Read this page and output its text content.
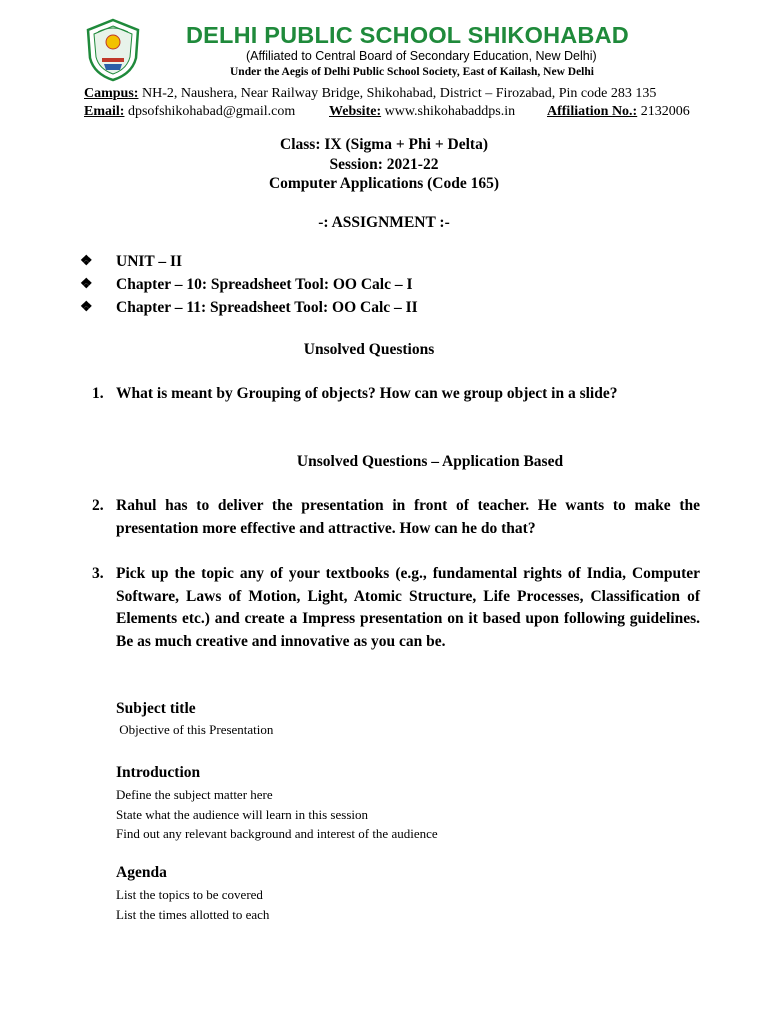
DELHI PUBLIC SCHOOL SHIKOHABAD
(Affiliated to Central Board of Secondary Education, New Delhi)
Under the Aegis of Delhi Public School Society, East of Kailash, New Delhi
Campus: NH-2, Naushera, Near Railway Bridge, Shikohabad, District – Firozabad, Pin code 283 135
Email: dpsofshikohabad@gmail.com Website: www.shikohabaddps.in Affiliation No.: 2132006
Class: IX (Sigma + Phi + Delta)
Session: 2021-22
Computer Applications (Code 165)
-: ASSIGNMENT :-
❖	UNIT – II
❖	Chapter – 10: Spreadsheet Tool: OO Calc – I
❖	Chapter – 11: Spreadsheet Tool: OO Calc – II
Unsolved Questions
1. What is meant by Grouping of objects? How can we group object in a slide?
Unsolved Questions – Application Based
2. Rahul has to deliver the presentation in front of teacher. He wants to make the presentation more effective and attractive. How can he do that?
3. Pick up the topic any of your textbooks (e.g., fundamental rights of India, Computer Software, Laws of Motion, Light, Atomic Structure, Life Processes, Classification of Elements etc.) and create a Impress presentation on it based upon following guidelines. Be as much creative and innovative as you can be.
Subject title
Objective of this Presentation
Introduction
Define the subject matter here
State what the audience will learn in this session
Find out any relevant background and interest of the audience
Agenda
List the topics to be covered
List the times allotted to each
